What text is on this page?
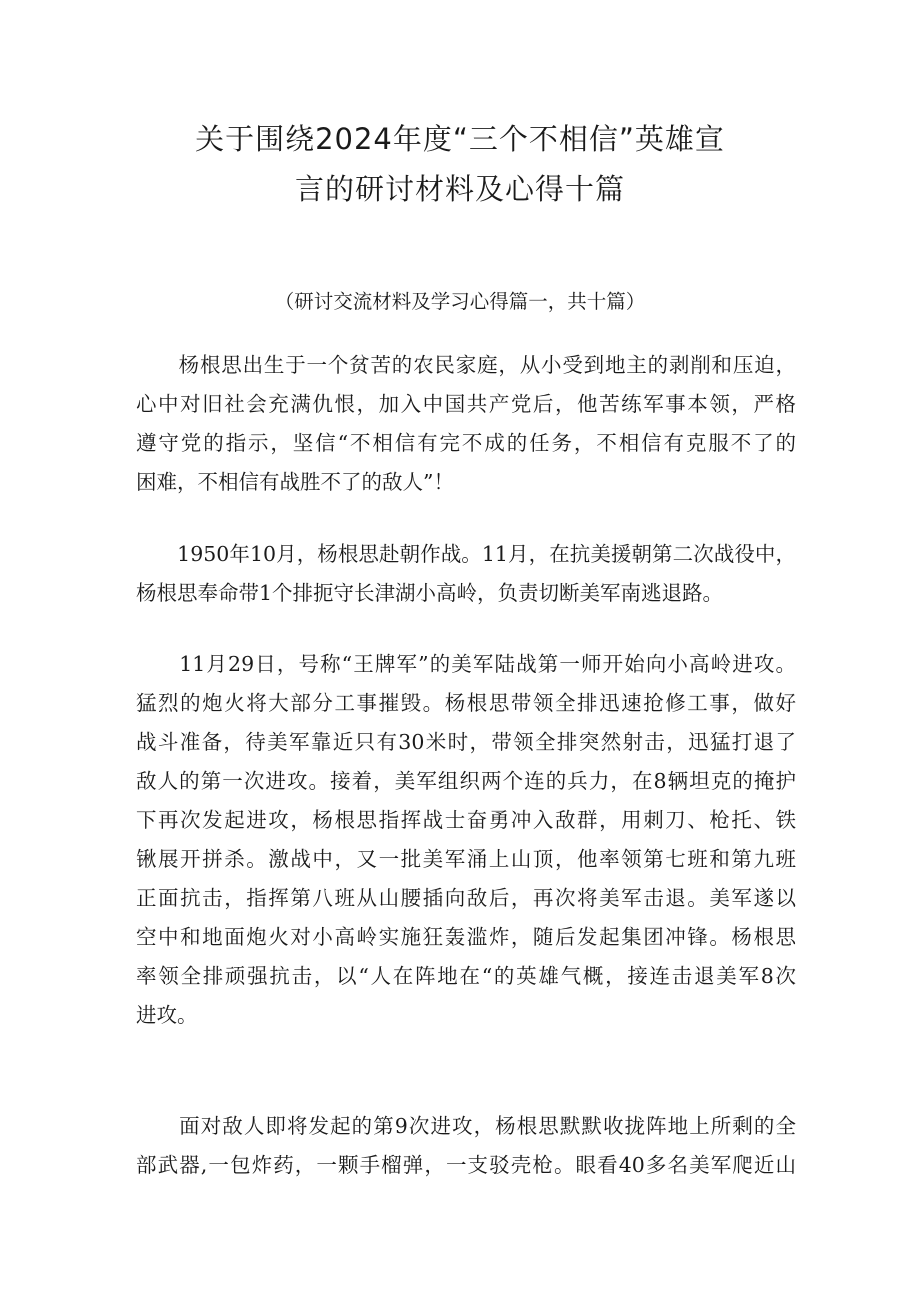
关于围绕2024年度“三个不相信”英雄宣
言的研讨材料及心得十篇
（研讨交流材料及学习心得篇一，共十篇）

　　杨根思出生于一个贫苦的农民家庭，从小受到地主的剥削和压迫，
心中对旧社会充满仇恨，加入中国共产党后，他苦练军事本领，严格
遵守党的指示，坚信“不相信有完不成的任务，不相信有克服不了的
困难，不相信有战胜不了的敌人”！

　　1950年10月，杨根思赴朝作战。11月，在抗美援朝第二次战役中，
杨根思奉命带1个排扼守长津湖小高岭，负责切断美军南逃退路。

　　11月29日，号称“王牌军”的美军陆战第一师开始向小高岭进攻。
猛烈的炮火将大部分工事摧毁。杨根思带领全排迅速抢修工事，做好
战斗准备，待美军靠近只有30米时，带领全排突然射击，迅猛打退了
敌人的第一次进攻。接着，美军组织两个连的兵力，在8辆坦克的掩护
下再次发起进攻，杨根思指挥战士奋勇冲入敌群，用刺刀、枪托、铁
锹展开拼杀。激战中，又一批美军涌上山顶，他率领第七班和第九班
正面抗击，指挥第八班从山腰插向敌后，再次将美军击退。美军遂以
空中和地面炮火对小高岭实施狂轰滥炸，随后发起集团冲锋。杨根思
率领全排顽强抗击，以“人在阵地在“的英雄气概，接连击退美军8次
进攻。

　　面对敌人即将发起的第9次进攻，杨根思默默收拢阵地上所剩的全
部武器,一包炸药，一颗手榴弹，一支驳壳枪。眼看40多名美军爬近山
